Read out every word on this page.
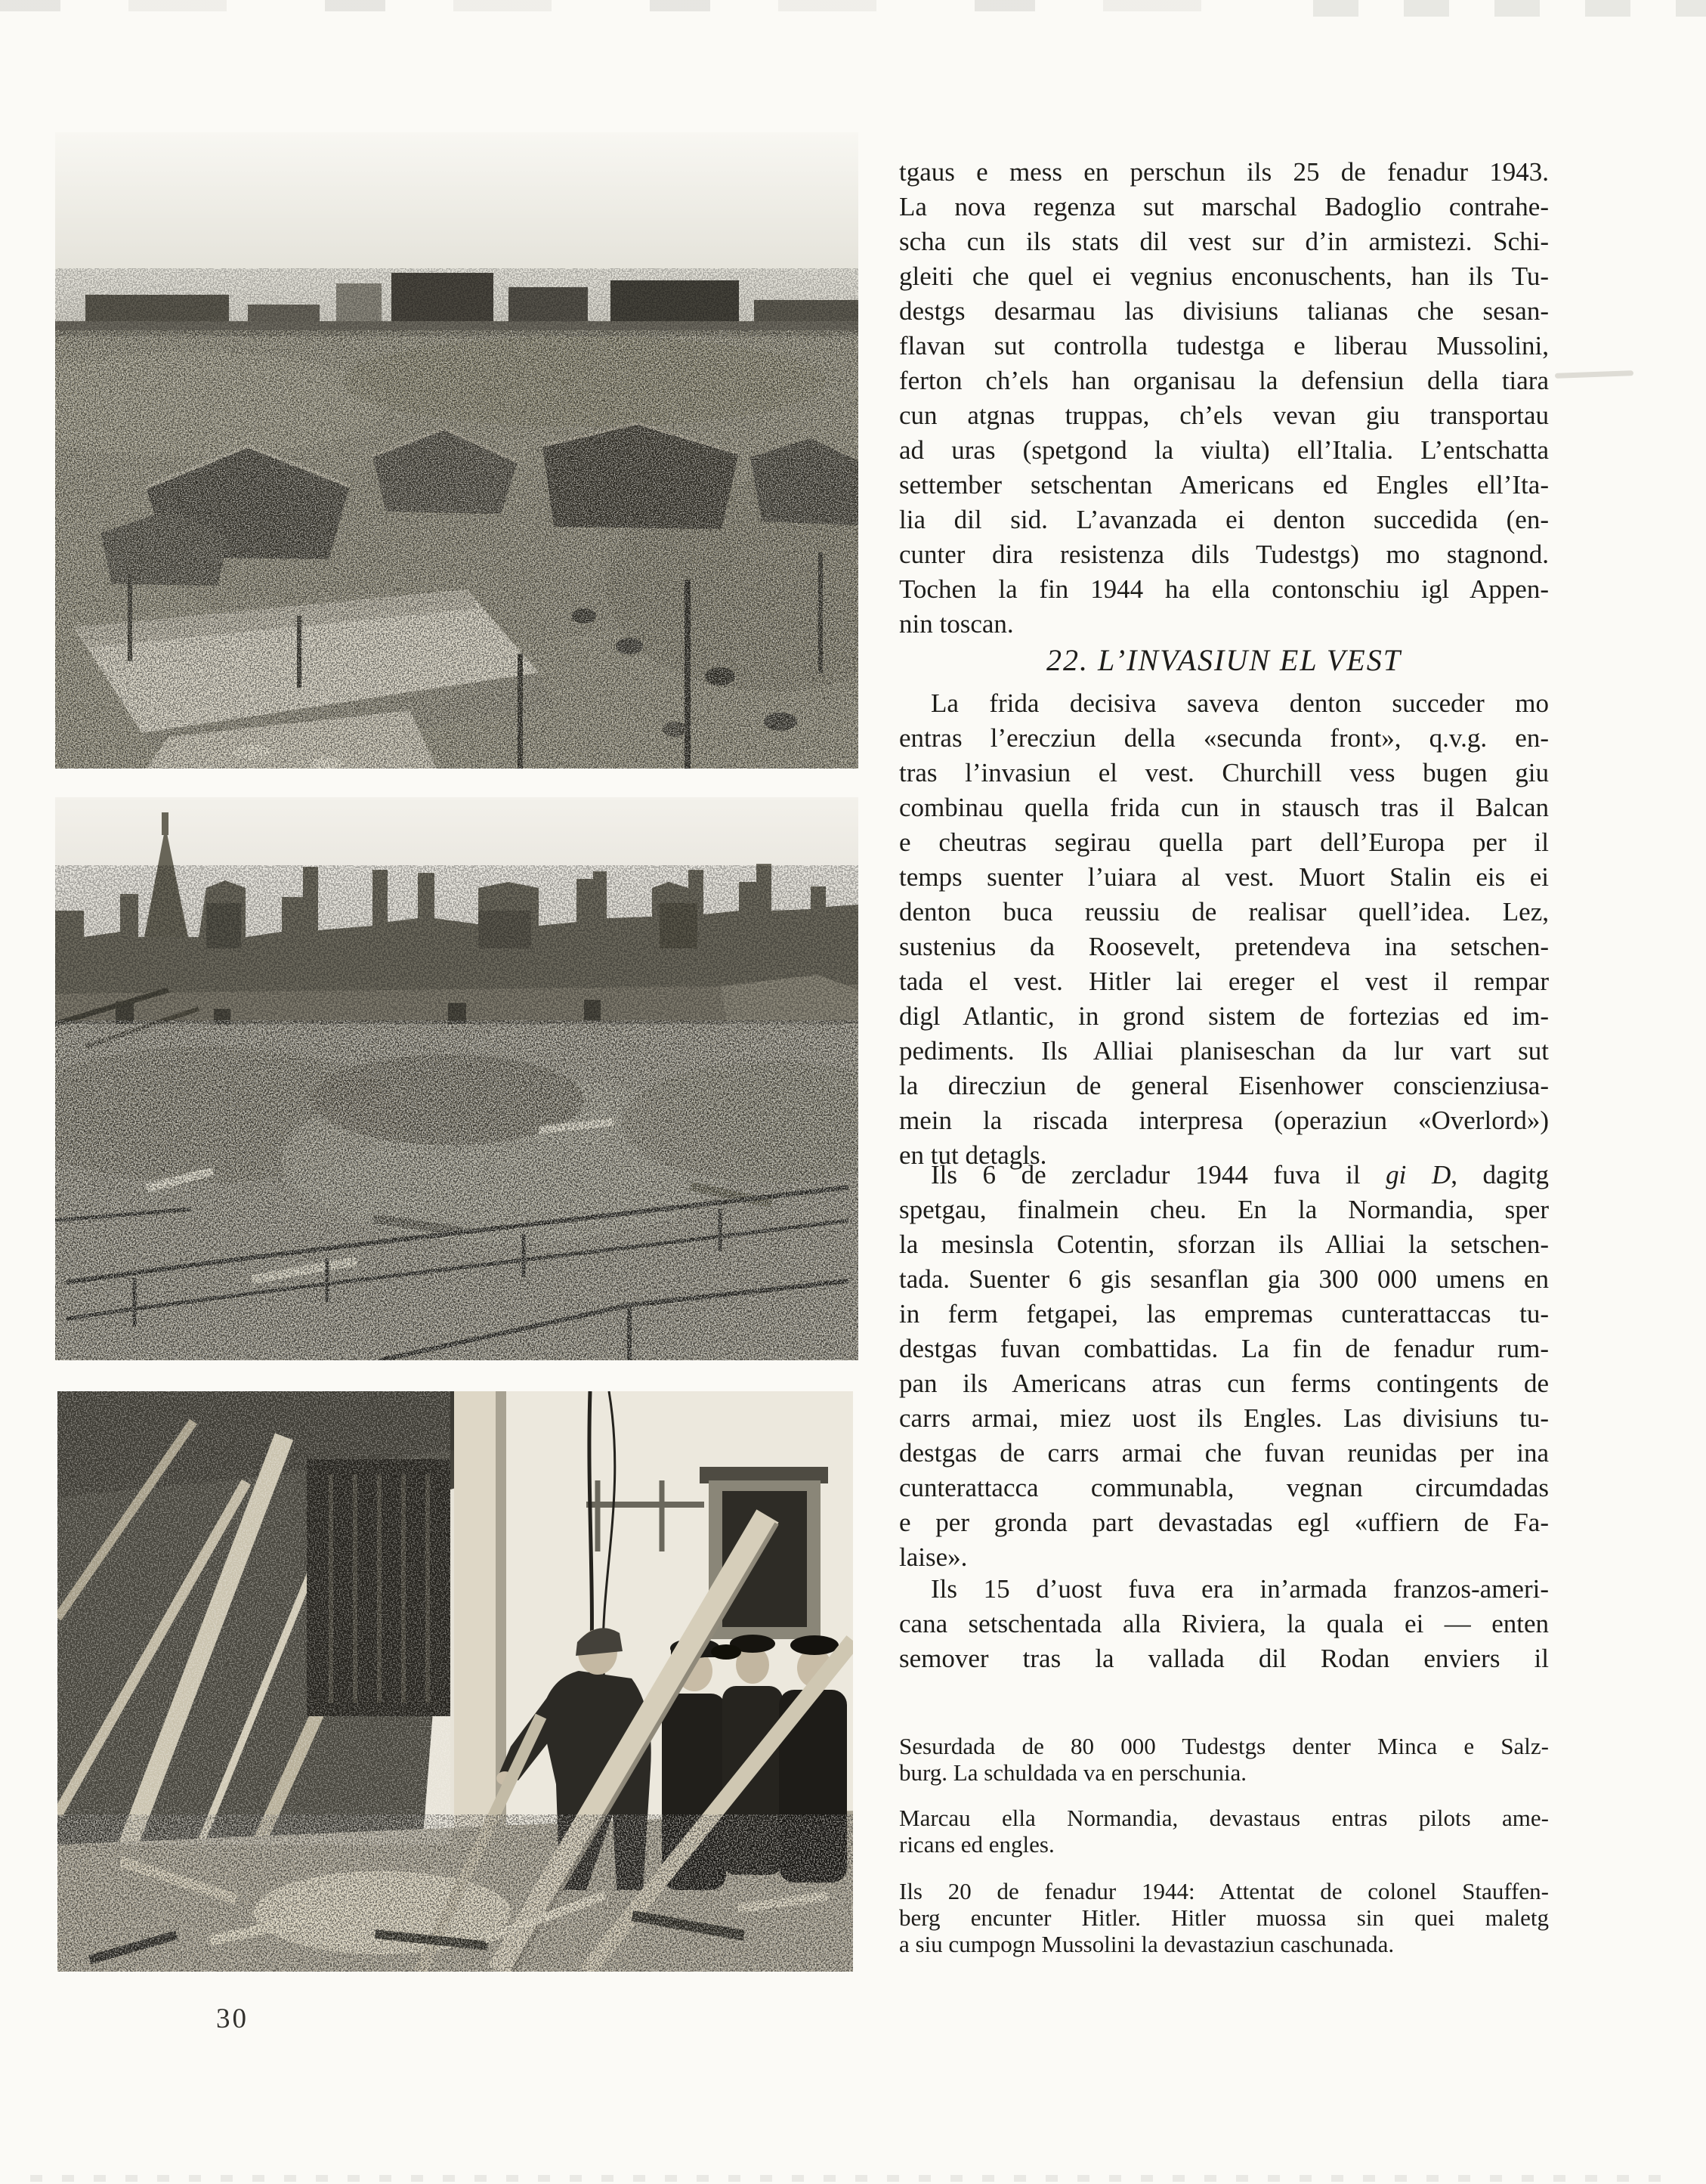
tgaus e mess en perschun ils 25 de fenadur 1943.
La nova regenza sut marschal Badoglio contrahe-
scha cun ils stats dil vest sur d’in armistezi. Schi-
gleiti che quel ei vegnius enconuschents, han ils Tu-
destgs desarmau las divisiuns talianas che sesan-
flavan sut controlla tudestga e liberau Mussolini,
ferton ch’els han organisau la defensiun della tiara
cun atgnas truppas, ch’els vevan giu transportau
ad uras (spetgond la viulta) ell’Italia. L’entschatta
settember setschentan Americans ed Engles ell’Ita-
lia dil sid. L’avanzada ei denton succedida (en-
cunter dira resistenza dils Tudestgs) mo stagnond.
Tochen la fin 1944 ha ella contonschiu igl Appen-
nin toscan.
22. L’INVASIUN EL VEST
La frida decisiva saveva denton succeder mo
entras l’erecziun della «secunda front», q.v.g. en-
tras l’invasiun el vest. Churchill vess bugen giu
combinau quella frida cun in stausch tras il Balcan
e cheutras segirau quella part dell’Europa per il
temps suenter l’uiara al vest. Muort Stalin eis ei
denton buca reussiu de realisar quell’idea. Lez,
sustenius da Roosevelt, pretendeva ina setschen-
tada el vest. Hitler lai ereger el vest il rempar
digl Atlantic, in grond sistem de fortezias ed im-
pediments. Ils Alliai planiseschan da lur vart sut
la direcziun de general Eisenhower conscienziusa-
mein la riscada interpresa (operaziun «Overlord»)
en tut detagls.
Ils 6 de zercladur 1944 fuva il gi D, dagitg
spetgau, finalmein cheu. En la Normandia, sper
la mesinsla Cotentin, sforzan ils Alliai la setschen-
tada. Suenter 6 gis sesanflan gia 300 000 umens en
in ferm fetgapei, las empremas cunterattaccas tu-
destgas fuvan combattidas. La fin de fenadur rum-
pan ils Americans atras cun ferms contingents de
carrs armai, miez uost ils Engles. Las divisiuns tu-
destgas de carrs armai che fuvan reunidas per ina
cunterattacca communabla, vegnan circumdadas
e per gronda part devastadas egl «uffiern de Fa-
laise».
Ils 15 d’uost fuva era in’armada franzos-ameri-
cana setschentada alla Riviera, la quala ei — enten
semover tras la vallada dil Rodan enviers il
Sesurdada de 80 000 Tudestgs denter Minca e Salz-
burg. La schuldada va en perschunia.
Marcau ella Normandia, devastaus entras pilots ame-
ricans ed engles.
Ils 20 de fenadur 1944: Attentat de colonel Stauffen-
berg encunter Hitler. Hitler muossa sin quei maletg
a siu cumpogn Mussolini la devastaziun caschunada.
30
